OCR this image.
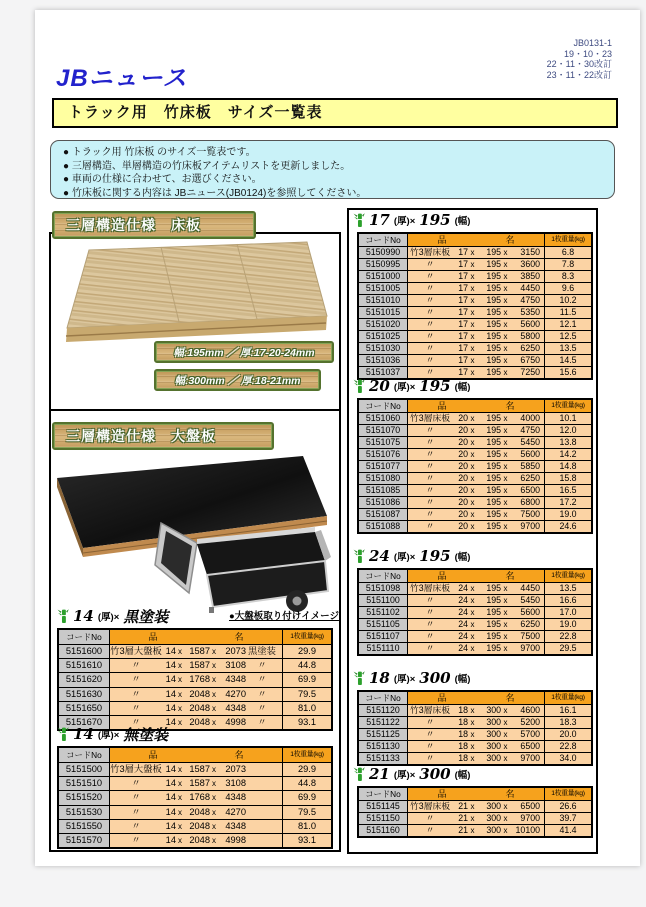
JB0131-1
19・10・23
22・11・30改訂
23・11・22改訂
JBニュース
トラック用　竹床板　サイズ一覧表
● トラック用 竹床板 のサイズ一覧表です。
● 三層構造、単層構造の竹床板アイテムリストを更新しました。
● 車両の仕様に合わせて、お選びください。
● 竹床板に関する内容は JBニュース(JB0124)を参照してください。
三層構造仕様　床板
幅:195mm ／ 厚:17-20-24mm
幅:300mm ／ 厚:18-21mm
●大盤板取り付けイメージ
三層構造仕様　大盤板
17 (厚)× 195 (幅)
コードNo	品	名	1枚重量(kg)
5150990	竹3層床板 17 x	195 x	3150	6.8
5150995	〃	17 x	195 x	3600	7.8
5151000	〃	17 x	195 x	3850	8.3
5151005	〃	17 x	195 x	4450	9.6
5151010	〃	17 x	195 x	4750	10.2
5151015	〃	17 x	195 x	5350	11.5
5151020	〃	17 x	195 x	5600	12.1
5151025	〃	17 x	195 x	5800	12.5
5151030	〃	17 x	195 x	6250	13.5
5151036	〃	17 x	195 x	6750	14.5
5151037	〃	17 x	195 x	7250	15.6
20 (厚)× 195 (幅)
コードNo	品	名	1枚重量(kg)
5151060	竹3層床板 20 x	195 x	4000	10.1
5151070	〃	20 x	195 x	4750	12.0
5151075	〃	20 x	195 x	5450	13.8
5151076	〃	20 x	195 x	5600	14.2
5151077	〃	20 x	195 x	5850	14.8
5151080	〃	20 x	195 x	6250	15.8
5151085	〃	20 x	195 x	6500	16.5
5151086	〃	20 x	195 x	6800	17.2
5151087	〃	20 x	195 x	7500	19.0
5151088	〃	20 x	195 x	9700	24.6
24 (厚)× 195 (幅)
コードNo	品	名	1枚重量(kg)
5151098	竹3層床板 24 x	195 x	4450	13.5
5151100	〃	24 x	195 x	5450	16.6
5151102	〃	24 x	195 x	5600	17.0
5151105	〃	24 x	195 x	6250	19.0
5151107	〃	24 x	195 x	7500	22.8
5151110	〃	24 x	195 x	9700	29.5
18 (厚)× 300 (幅)
コードNo	品	名	1枚重量(kg)
5151120	竹3層床板 18 x	300 x	4600	16.1
5151122	〃	18 x	300 x	5200	18.3
5151125	〃	18 x	300 x	5700	20.0
5151130	〃	18 x	300 x	6500	22.8
5151133	〃	18 x	300 x	9700	34.0
21 (厚)× 300 (幅)
コードNo	品	名	1枚重量(kg)
5151145	竹3層床板 21 x	300 x	6500	26.6
5151150	〃	21 x	300 x	9700	39.7
5151160	〃	21 x	300 x 10100	41.4
14 (厚)× 黒塗装
コードNo	品	名	1枚重量(kg)
5151600 竹3層大盤板 14 x 1587 x	2073 黒塗装	29.9
5151610	〃	14 x 1587 x	3108	〃	44.8
5151620	〃	14 x 1768 x	4348	〃	69.9
5151630	〃	14 x 2048 x	4270	〃	79.5
5151650	〃	14 x 2048 x	4348	〃	81.0
5151670	〃	14 x 2048 x	4998	〃	93.1
14 (厚)× 無塗装
コードNo	品	名	1枚重量(kg)
5151500 竹3層大盤板 14 x 1587 x	2073	29.9
5151510	〃	14 x 1587 x	3108	44.8
5151520	〃	14 x 1768 x	4348	69.9
5151530	〃	14 x 2048 x	4270	79.5
5151550	〃	14 x 2048 x	4348	81.0
5151570	〃	14 x 2048 x	4998	93.1
